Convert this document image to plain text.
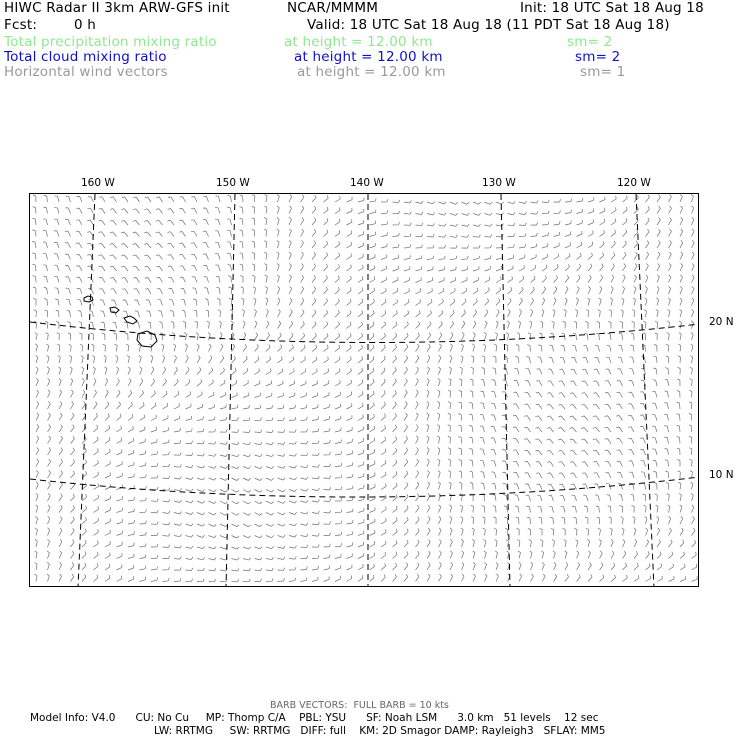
HIWC Radar II 3km ARW-GFS init	NCAR/MMMM	Init: 18 UTC Sat 18 Aug 18
Fcst:	0 h	Valid: 18 UTC Sat 18 Aug 18 (11 PDT Sat 18 Aug 18)
Total precipitation mixing ratio	at height = 12.00 km	sm= 2
Total cloud mixing ratio	at height = 12.00 km	sm= 2
Horizontal wind vectors	at height = 12.00 km	sm= 1
160 W	150 W	140 W	130 W	120 W
20 N
10 N
BARB VECTORS:  FULL BARB = 10 kts
Model Info: V4.0      CU: No Cu     MP: Thomp C/A    PBL: YSU      SF: Noah LSM      3.0 km   51 levels    12 sec
LW: RRTMG     SW: RRTMG   DIFF: full    KM: 2D Smagor DAMP: Rayleigh3   SFLAY: MM5
